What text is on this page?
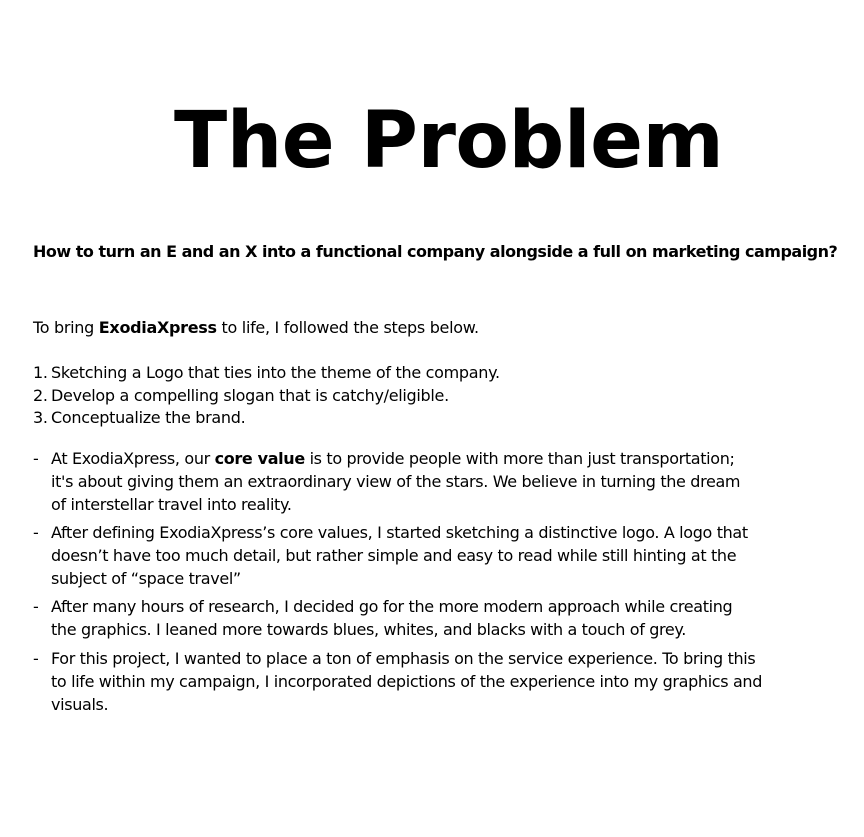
The Problem

How to turn an E and an X into a functional company alongside a full on marketing campaign?

To bring ExodiaXpress to life, I followed the steps below.

1. Sketching a Logo that ties into the theme of the company.
2. Develop a compelling slogan that is catchy/eligible.
3. Conceptualize the brand.
- At ExodiaXpress, our core value is to provide people with more than just transportation;
it's about giving them an extraordinary view of the stars. We believe in turning the dream
of interstellar travel into reality.
- After defining ExodiaXpress’s core values, I started sketching a distinctive logo. A logo that
doesn’t have too much detail, but rather simple and easy to read while still hinting at the
subject of “space travel”
- After many hours of research, I decided go for the more modern approach while creating
the graphics. I leaned more towards blues, whites, and blacks with a touch of grey.
- For this project, I wanted to place a ton of emphasis on the service experience. To bring this
to life within my campaign, I incorporated depictions of the experience into my graphics and
visuals.
